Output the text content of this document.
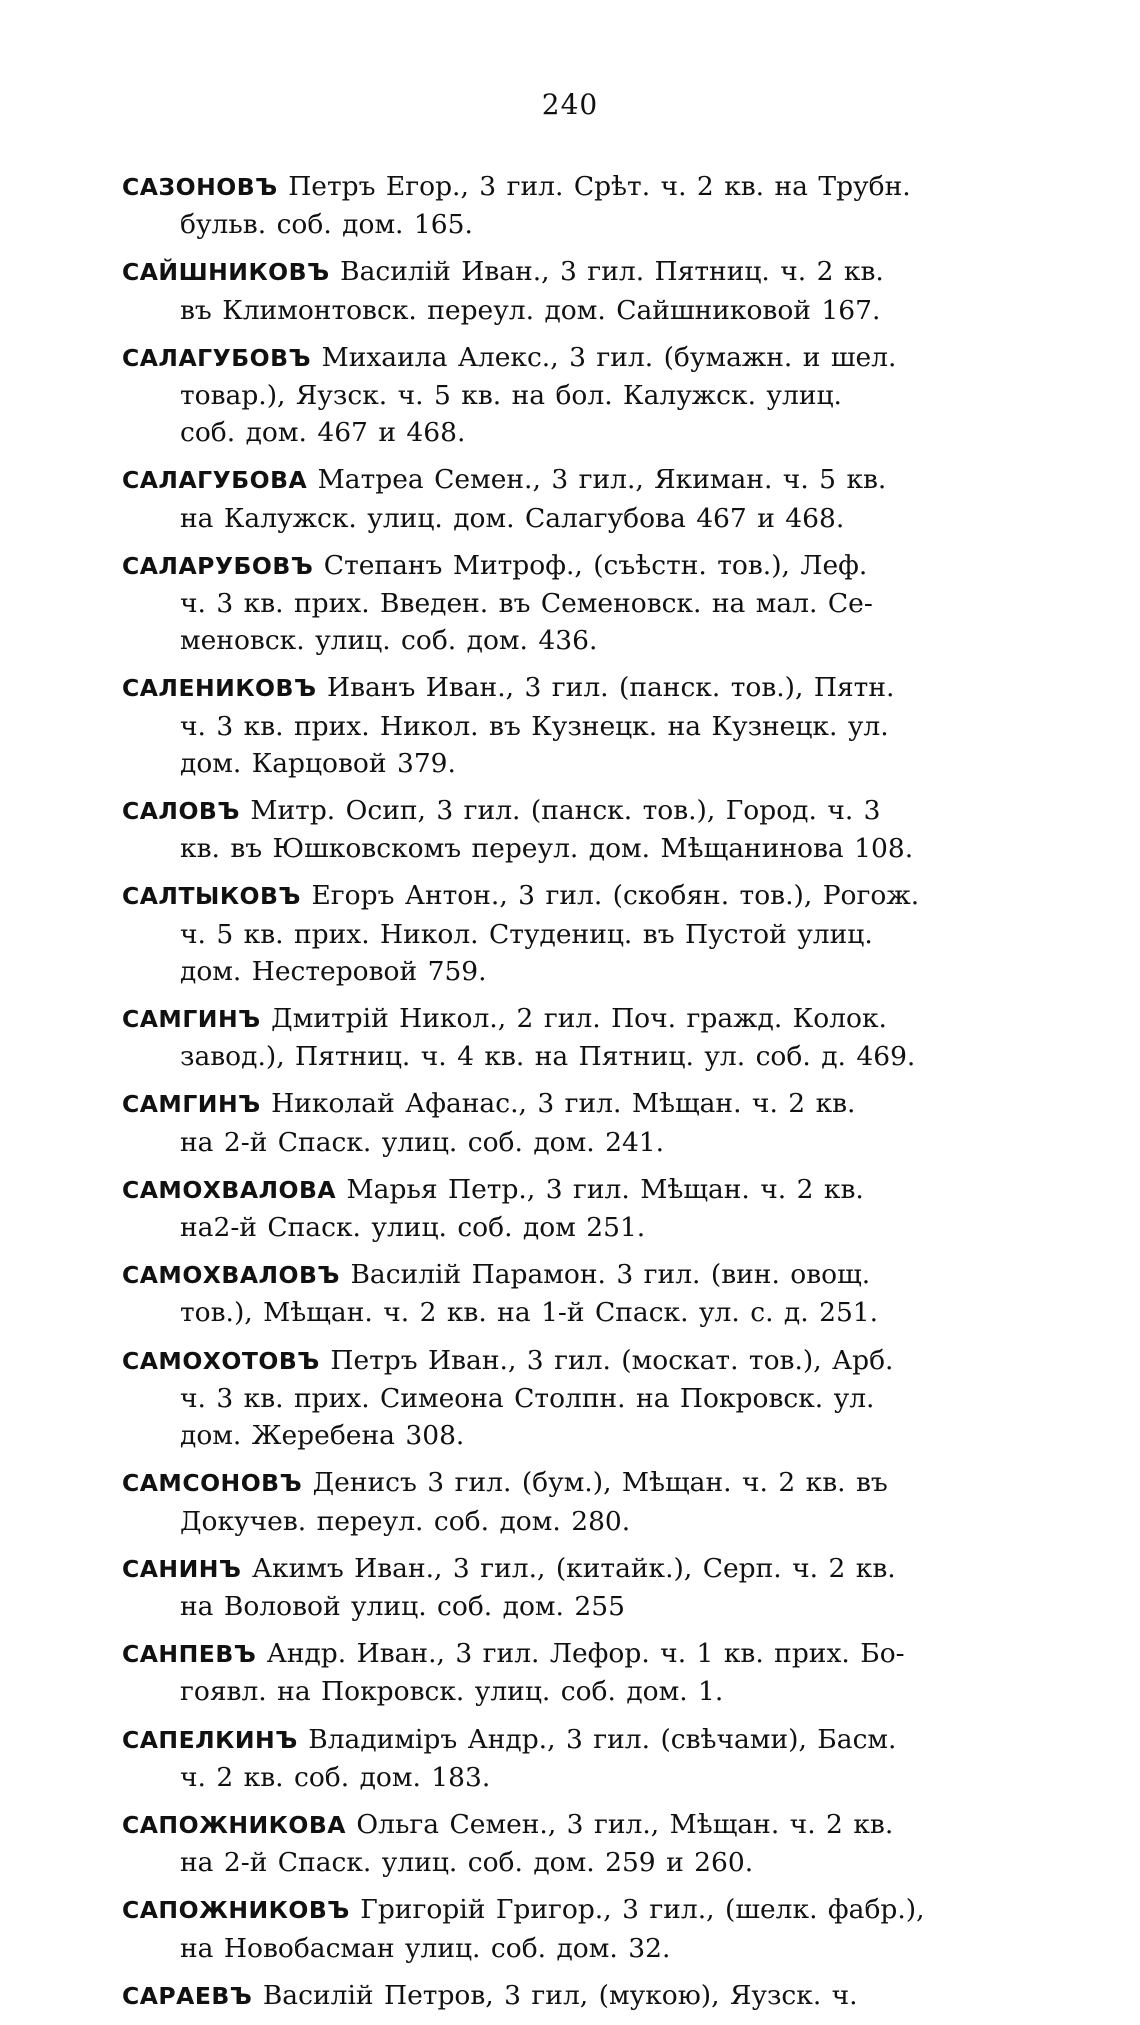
240
САЗОНОВЪ Петръ Егор., 3 гил. Срѣт. ч. 2 кв. на Трубн.
бульв. соб. дом. 165.
САЙШНИКОВЪ Василій Иван., 3 гил. Пятниц. ч. 2 кв.
въ Климонтовск. переул. дом. Сайшниковой 167.
САЛАГУБОВЪ Михаила Алекс., 3 гил. (бумажн. и шел.
товар.), Яузск. ч. 5 кв. на бол. Калужск. улиц.
соб. дом. 467 и 468.
САЛАГУБОВА Матреа Семен., 3 гил., Якиман. ч. 5 кв.
на Калужск. улиц. дом. Салагубова 467 и 468.
САЛАРУБОВЪ Степанъ Митроф., (съѣстн. тов.), Леф.
ч. 3 кв. прих. Введен. въ Семеновск. на мал. Се-
меновск. улиц. соб. дом. 436.
САЛЕНИКОВЪ Иванъ Иван., 3 гил. (панск. тов.), Пятн.
ч. 3 кв. прих. Никол. въ Кузнецк. на Кузнецк. ул.
дом. Карцовой 379.
САЛОВЪ Митр. Осип, 3 гил. (панск. тов.), Город. ч. 3
кв. въ Юшковскомъ переул. дом. Мѣщанинова 108.
САЛТЫКОВЪ Егоръ Антон., 3 гил. (скобян. тов.), Рогож.
ч. 5 кв. прих. Никол. Студениц. въ Пустой улиц.
дом. Нестеровой 759.
САМГИНЪ Дмитрій Никол., 2 гил. Поч. гражд. Колок.
завод.), Пятниц. ч. 4 кв. на Пятниц. ул. соб. д. 469.
САМГИНЪ Николай Афанас., 3 гил. Мѣщан. ч. 2 кв.
на 2-й Спаск. улиц. соб. дом. 241.
САМОХВАЛОВА Марья Петр., 3 гил. Мѣщан. ч. 2 кв.
на2-й Спаск. улиц. соб. дом 251.
САМОХВАЛОВЪ Василій Парамон. 3 гил. (вин. овощ.
тов.), Мѣщан. ч. 2 кв. на 1-й Спаск. ул. с. д. 251.
САМОХОТОВЪ Петръ Иван., 3 гил. (москат. тов.), Арб.
ч. 3 кв. прих. Симеона Столпн. на Покровск. ул.
дом. Жеребена 308.
САМСОНОВЪ Денисъ 3 гил. (бум.), Мѣщан. ч. 2 кв. въ
Докучев. переул. соб. дом. 280.
САНИНЪ Акимъ Иван., 3 гил., (китайк.), Серп. ч. 2 кв.
на Воловой улиц. соб. дом. 255
САНПЕВЪ Андр. Иван., 3 гил. Лефор. ч. 1 кв. прих. Бо-
гоявл. на Покровск. улиц. соб. дом. 1.
САПЕЛКИНЪ Владиміръ Андр., 3 гил. (свѣчами), Басм.
ч. 2 кв. соб. дом. 183.
САПОЖНИКОВА Ольга Семен., 3 гил., Мѣщан. ч. 2 кв.
на 2-й Спаск. улиц. соб. дом. 259 и 260.
САПОЖНИКОВЪ Григорій Григор., 3 гил., (шелк. фабр.),
на Новобасман улиц. соб. дом. 32.
САРАЕВЪ Василій Петров, 3 гил, (мукою), Яузск. ч.
